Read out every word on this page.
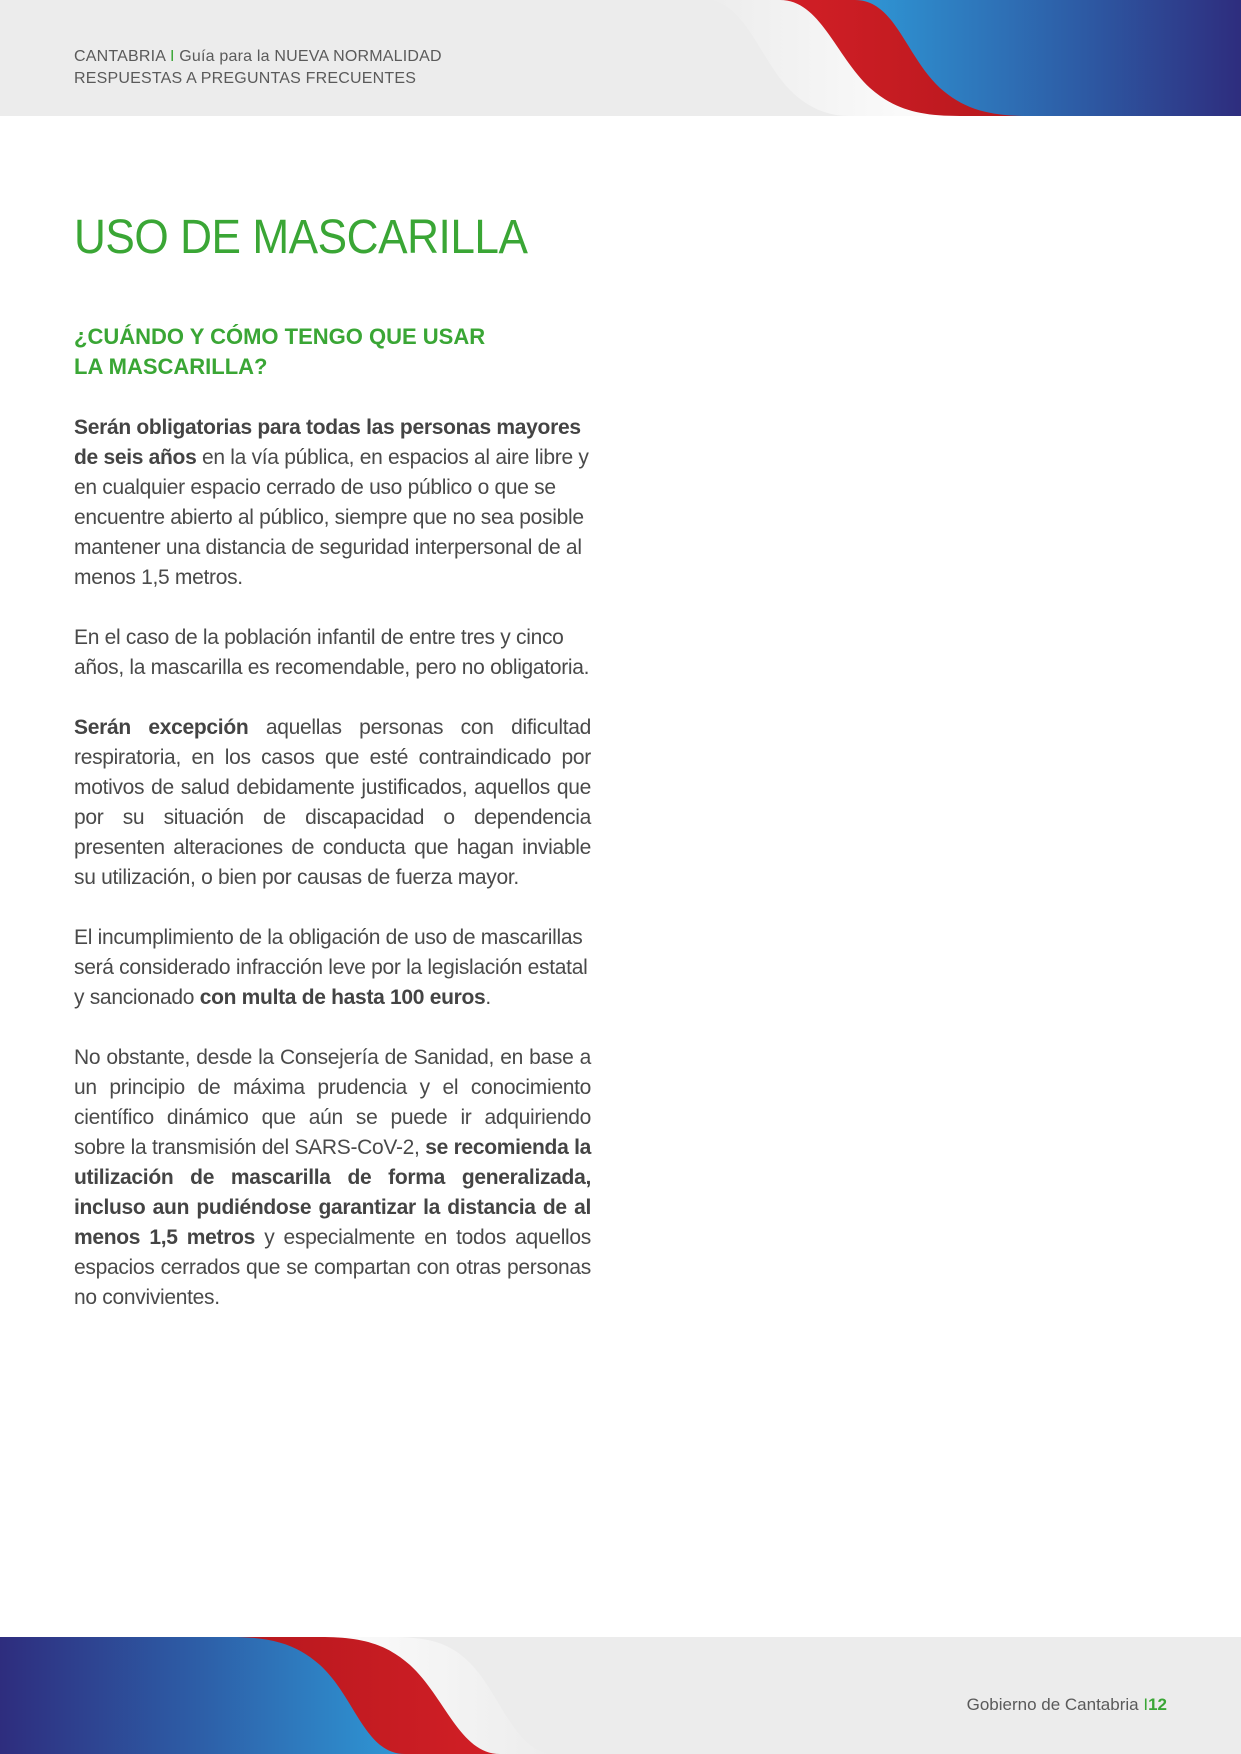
CANTABRIA I Guía para la NUEVA NORMALIDAD
RESPUESTAS A PREGUNTAS FRECUENTES
USO DE MASCARILLA
¿CUÁNDO Y CÓMO TENGO QUE USAR LA MASCARILLA?

Serán obligatorias para todas las personas mayores de seis años en la vía pública, en espacios al aire libre y en cualquier espacio cerrado de uso público o que se encuentre abierto al público, siempre que no sea posible mantener una distancia de seguridad interpersonal de al menos 1,5 metros.

En el caso de la población infantil de entre tres y cinco años, la mascarilla es recomendable, pero no obligatoria.

Serán excepción aquellas personas con dificultad respiratoria, en los casos que esté contraindicado por motivos de salud debidamente justificados, aquellos que por su situación de discapacidad o dependencia presenten alteraciones de conducta que hagan inviable su utilización, o bien por causas de fuerza mayor.

El incumplimiento de la obligación de uso de mascarillas será considerado infracción leve por la legislación estatal y sancionado con multa de hasta 100 euros.

No obstante, desde la Consejería de Sanidad, en base a un principio de máxima prudencia y el conocimiento científico dinámico que aún se puede ir adquiriendo sobre la transmisión del SARS-CoV-2, se recomienda la utilización de mascarilla de forma generalizada, incluso aun pudiéndose garantizar la distancia de al menos 1,5 metros y especialmente en todos aquellos espacios cerrados que se compartan con otras personas no convivientes.

Gobierno de Cantabria I12
